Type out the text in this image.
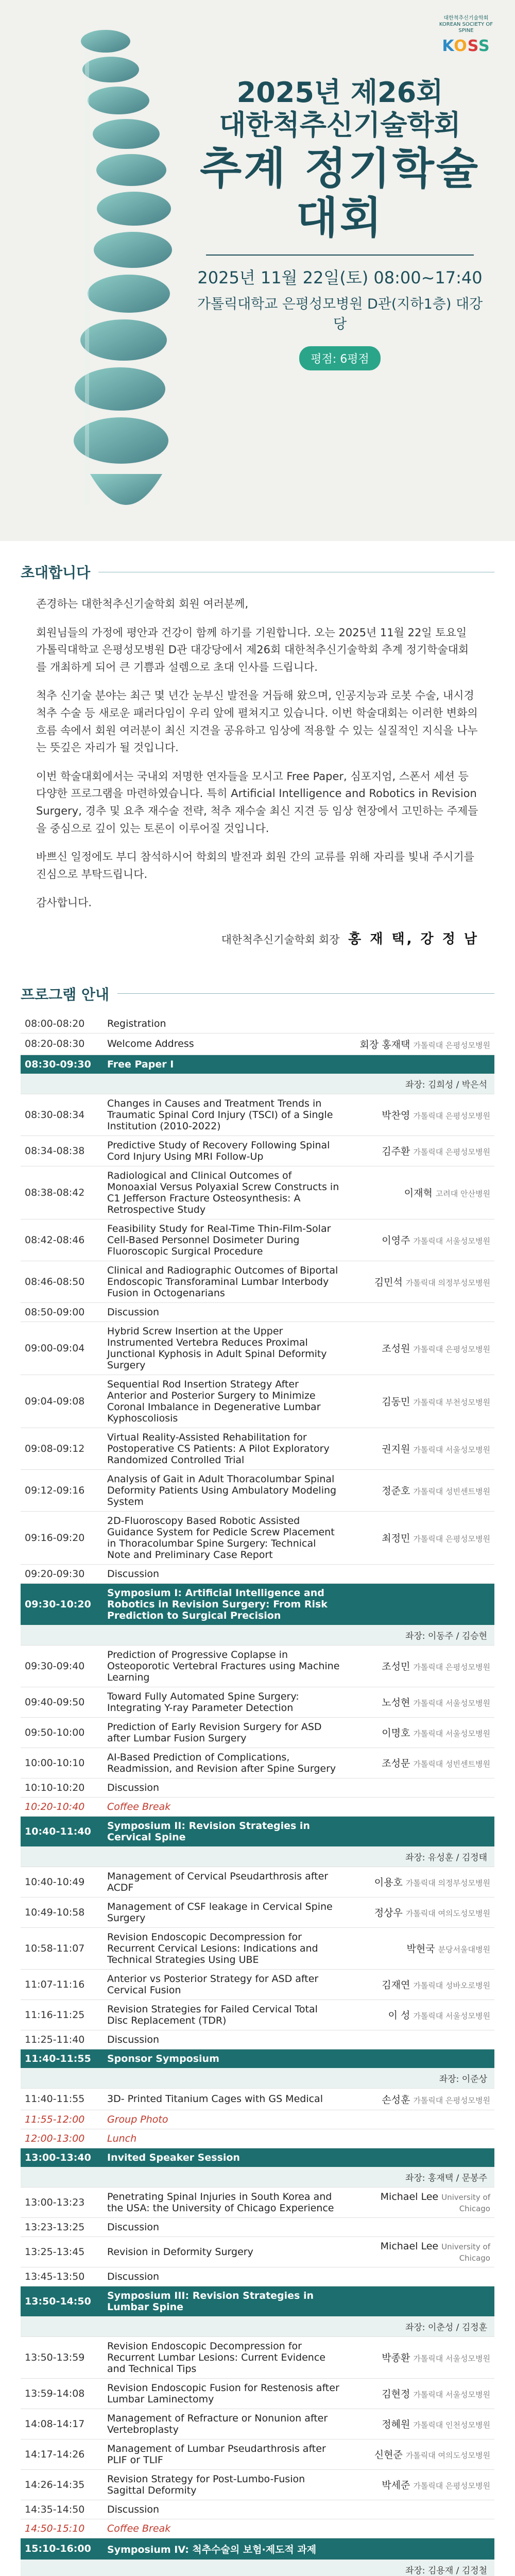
대한척추신기술학회
KOREAN SOCIETY OF SPINE
KOSS
2025년 제26회
대한척추신기술학회
추계 정기학술대회
2025년 11월 22일(토) 08:00~17:40
가톨릭대학교 은평성모병원 D관(지하1층) 대강당
평점: 6평점
초대합니다

존경하는 대한척추신기술학회 회원 여러분께,

회원님들의 가정에 평안과 건강이 함께 하기를 기원합니다. 오는 2025년 11월 22일 토요일 가톨릭대학교 은평성모병원 D관 대강당에서 제26회 대한척추신기술학회 추계 정기학술대회를 개최하게 되어 큰 기쁨과 설렘으로 초대 인사를 드립니다.

척추 신기술 분야는 최근 몇 년간 눈부신 발전을 거듭해 왔으며, 인공지능과 로봇 수술, 내시경 척추 수술 등 새로운 패러다임이 우리 앞에 펼쳐지고 있습니다. 이번 학술대회는 이러한 변화의 흐름 속에서 회원 여러분이 최신 지견을 공유하고 임상에 적용할 수 있는 실질적인 지식을 나누는 뜻깊은 자리가 될 것입니다.

이번 학술대회에서는 국내외 저명한 연자들을 모시고 Free Paper, 심포지엄, 스폰서 세션 등 다양한 프로그램을 마련하였습니다. 특히 Artificial Intelligence and Robotics in Revision Surgery, 경추 및 요추 재수술 전략, 척추 재수술 최신 지견 등 임상 현장에서 고민하는 주제들을 중심으로 깊이 있는 토론이 이루어질 것입니다.

바쁘신 일정에도 부디 참석하시어 학회의 발전과 회원 간의 교류를 위해 자리를 빛내 주시기를 진심으로 부탁드립니다.

감사합니다.

대한척추신기술학회 회장 홍 재 택, 강 정 남
프로그램 안내
08:00-08:20	Registration	
08:20-08:30	Welcome Address	회장 홍재택 가톨릭대 은평성모병원
08:30-09:30	Free Paper I	
		좌장: 김희성 / 박은석
08:30-08:34	Changes in Causes and Treatment Trends in Traumatic Spinal Cord Injury (TSCI) of a Single Institution (2010-2022)	박찬영 가톨릭대 은평성모병원
08:34-08:38	Predictive Study of Recovery Following Spinal Cord Injury Using MRI Follow-Up	김주환 가톨릭대 은평성모병원
08:38-08:42	Radiological and Clinical Outcomes of Monoaxial Versus Polyaxial Screw Constructs in C1 Jefferson Fracture Osteosynthesis: A Retrospective Study	이재혁 고려대 안산병원
08:42-08:46	Feasibility Study for Real-Time Thin-Film-Solar Cell-Based Personnel Dosimeter During Fluoroscopic Surgical Procedure	이영주 가톨릭대 서울성모병원
08:46-08:50	Clinical and Radiographic Outcomes of Biportal Endoscopic Transforaminal Lumbar Interbody Fusion in Octogenarians	김민석 가톨릭대 의정부성모병원
08:50-09:00	Discussion	
09:00-09:04	Hybrid Screw Insertion at the Upper Instrumented Vertebra Reduces Proximal Junctional Kyphosis in Adult Spinal Deformity Surgery	조성원 가톨릭대 은평성모병원
09:04-09:08	Sequential Rod Insertion Strategy After Anterior and Posterior Surgery to Minimize Coronal Imbalance in Degenerative Lumbar Kyphoscoliosis	김동민 가톨릭대 부천성모병원
09:08-09:12	Virtual Reality-Assisted Rehabilitation for Postoperative CS Patients: A Pilot Exploratory Randomized Controlled Trial	권지원 가톨릭대 서울성모병원
09:12-09:16	Analysis of Gait in Adult Thoracolumbar Spinal Deformity Patients Using Ambulatory Modeling System	정준호 가톨릭대 성빈센트병원
09:16-09:20	2D-Fluoroscopy Based Robotic Assisted Guidance System for Pedicle Screw Placement in Thoracolumbar Spine Surgery: Technical Note and Preliminary Case Report	최정민 가톨릭대 은평성모병원
09:20-09:30	Discussion	
09:30-10:20	Symposium I: Artificial Intelligence and Robotics in Revision Surgery: From Risk Prediction to Surgical Precision	
		좌장: 이동주 / 김승현
09:30-09:40	Prediction of Progressive Coplapse in Osteoporotic Vertebral Fractures using Machine Learning	조성민 가톨릭대 은평성모병원
09:40-09:50	Toward Fully Automated Spine Surgery: Integrating Y-ray Parameter Detection	노성현 가톨릭대 서울성모병원
09:50-10:00	Prediction of Early Revision Surgery for ASD after Lumbar Fusion Surgery	이명호 가톨릭대 서울성모병원
10:00-10:10	AI-Based Prediction of Complications, Readmission, and Revision after Spine Surgery	조성문 가톨릭대 성빈센트병원
10:10-10:20	Discussion	
10:20-10:40	Coffee Break	
10:40-11:40	Symposium II: Revision Strategies in Cervical Spine	
		좌장: 유성훈 / 김정태
10:40-10:49	Management of Cervical Pseudarthrosis after ACDF	이용호 가톨릭대 의정부성모병원
10:49-10:58	Management of CSF leakage in Cervical Spine Surgery	정상우 가톨릭대 여의도성모병원
10:58-11:07	Revision Endoscopic Decompression for Recurrent Cervical Lesions: Indications and Technical Strategies Using UBE	박현국 분당서울대병원
11:07-11:16	Anterior vs Posterior Strategy for ASD after Cervical Fusion	김재연 가톨릭대 성바오로병원
11:16-11:25	Revision Strategies for Failed Cervical Total Disc Replacement (TDR)	이 성 가톨릭대 서울성모병원
11:25-11:40	Discussion	
11:40-11:55	Sponsor Symposium	
		좌장: 이준상
11:40-11:55	3D- Printed Titanium Cages with GS Medical	손성훈 가톨릭대 은평성모병원
11:55-12:00	Group Photo	
12:00-13:00	Lunch	
13:00-13:40	Invited Speaker Session	
		좌장: 홍재택 / 문봉주
13:00-13:23	Penetrating Spinal Injuries in South Korea and the USA: the University of Chicago Experience	Michael Lee University of Chicago
13:23-13:25	Discussion	
13:25-13:45	Revision in Deformity Surgery	Michael Lee University of Chicago
13:45-13:50	Discussion	
13:50-14:50	Symposium III: Revision Strategies in Lumbar Spine	
		좌장: 이춘성 / 김정훈
13:50-13:59	Revision Endoscopic Decompression for Recurrent Lumbar Lesions: Current Evidence and Technical Tips	박종환 가톨릭대 서울성모병원
13:59-14:08	Revision Endoscopic Fusion for Restenosis after Lumbar Laminectomy	김현정 가톨릭대 서울성모병원
14:08-14:17	Management of Refracture or Nonunion after Vertebroplasty	정혜원 가톨릭대 인천성모병원
14:17-14:26	Management of Lumbar Pseudarthrosis after PLIF or TLIF	신현준 가톨릭대 여의도성모병원
14:26-14:35	Revision Strategy for Post-Lumbo-Fusion Sagittal Deformity	박세준 가톨릭대 은평성모병원
14:35-14:50	Discussion	
14:50-15:10	Coffee Break	
15:10-16:00	Symposium IV: 척추수술의 보험·제도적 과제	
		좌장: 김용재 / 김정철
